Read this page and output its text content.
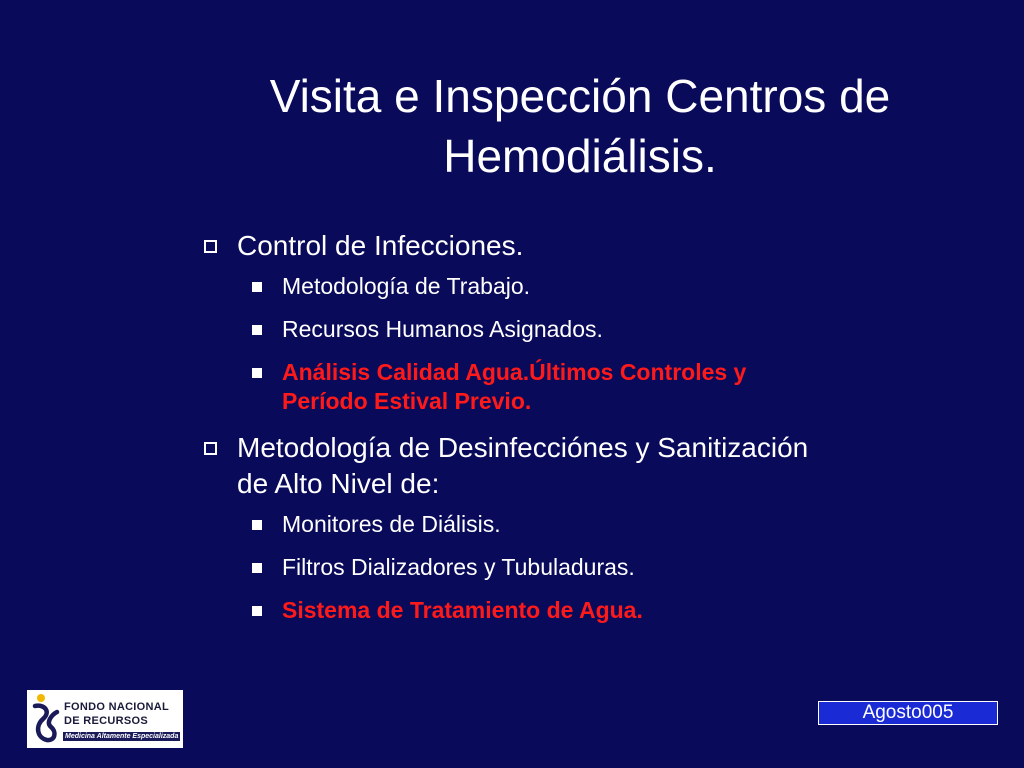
Visita e Inspección Centros de
Hemodiálisis.
Control de Infecciones.
Metodología de Trabajo.
Recursos Humanos Asignados.
Análisis Calidad Agua.Últimos Controles y
Período Estival Previo.
Metodología de Desinfecciónes y Sanitización
de Alto Nivel de:
Monitores de Diálisis.
Filtros Dializadores y Tubuladuras.
Sistema de Tratamiento de Agua.
FONDO NACIONAL
DE RECURSOS
Medicina Altamente Especializada
Agosto005
